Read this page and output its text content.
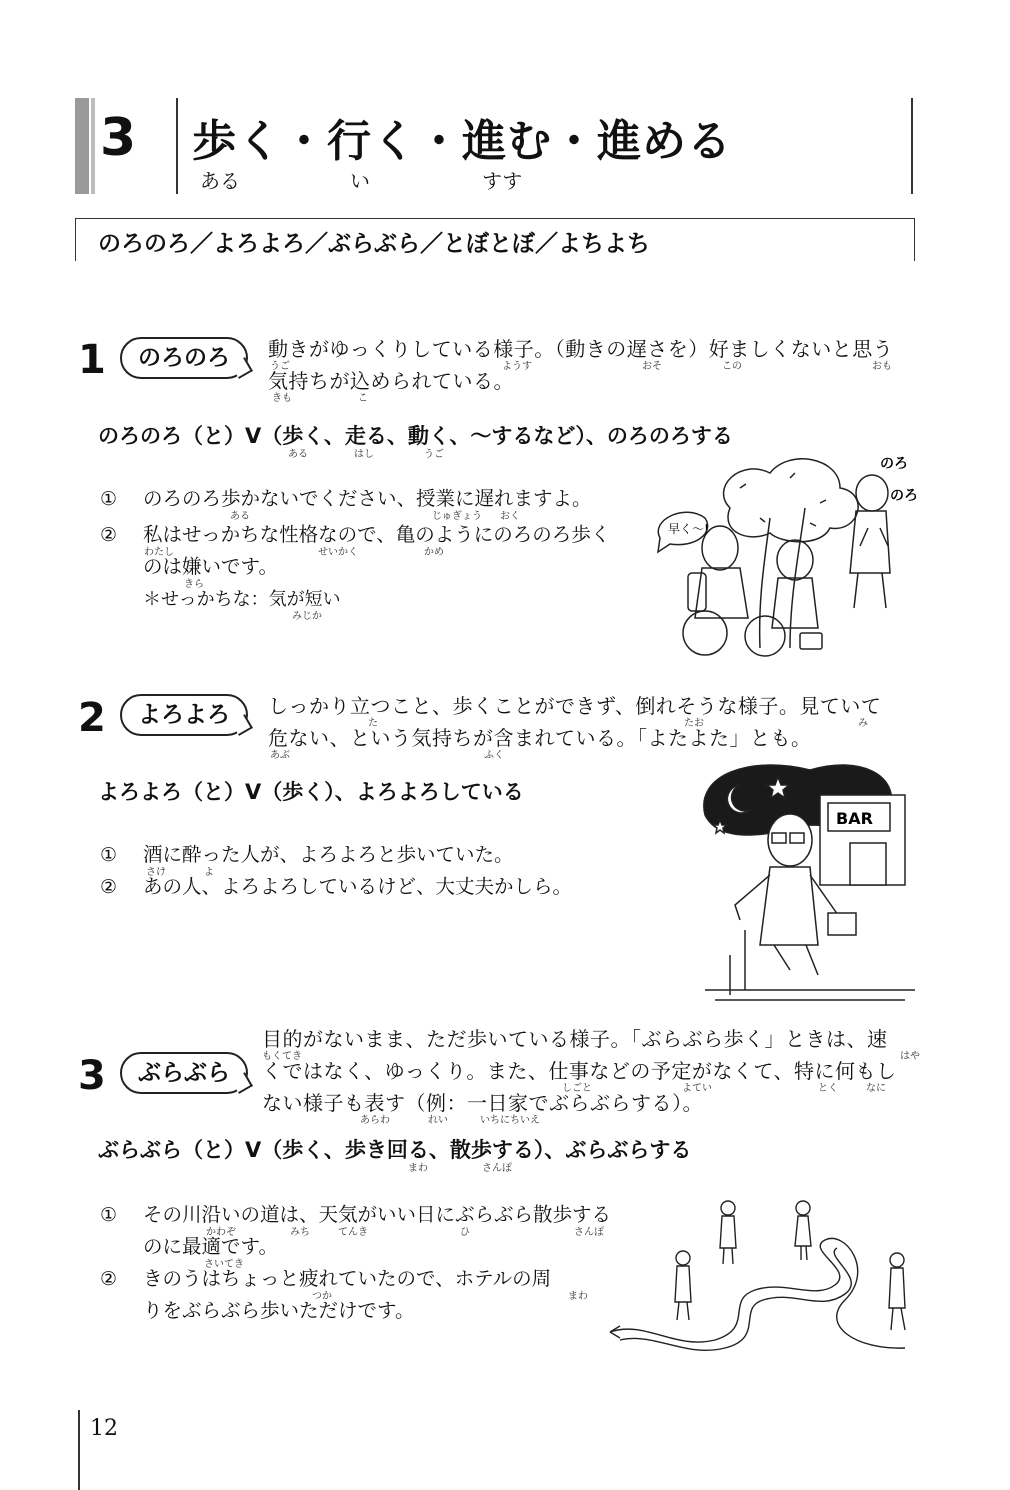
3 歩く・行く・進む・進める
ある	い	すす
のろのろ／よろよろ／ぶらぶら／とぼとぼ／よちよち
1	のろのろ	動きがゆっくりしている様子。（動きの遅さを）好ましくないと思う
気持ちが込められている。
うご	ようす	おそ	この	おも
きも	こ
のろのろ（と）V（歩く、走る、動く、～するなど）、のろのろする
ある	はし	うご
① のろのろ歩かないでください、授業に遅れますよ。
ある	じゅぎょう おく
② 私はせっかちな性格なので、亀のようにのろのろ歩く
のは嫌いです。
わたし	せいかく	かめ
きら
＊せっかちな：気が短い
みじか
早く～!
のろ
のろ
2	よろよろ	しっかり立つこと、歩くことができず、倒れそうな様子。見ていて
危ない、という気持ちが含まれている。「よたよた」とも。
た	たお	み
あぶ	ふく
よろよろ（と）V（歩く）、よろよろしている
① 酒に酔った人が、よろよろと歩いていた。
さけ	よ
② あの人、よろよろしているけど、大丈夫かしら。
BAR
3	ぶらぶら
目的がないまま、ただ歩いている様子。「ぶらぶら歩く」ときは、速
くではなく、ゆっくり。また、仕事などの予定がなくて、特に何もし
ない様子も表す（例：一日家でぶらぶらする）。
もくてき	はや
しごと	よてい	とく	なに
あらわ	れい	いちにちいえ
ぶらぶら（と）V（歩く、歩き回る、散歩する）、ぶらぶらする
まわ	さんぽ
① その川沿いの道は、天気がいい日にぶらぶら散歩する
のに最適です。
かわぞ	みち	てんき	ひ	さんぽ
さいてき
② きのうはちょっと疲れていたので、ホテルの周
りをぶらぶら歩いただけです。
つか	まわ
12
